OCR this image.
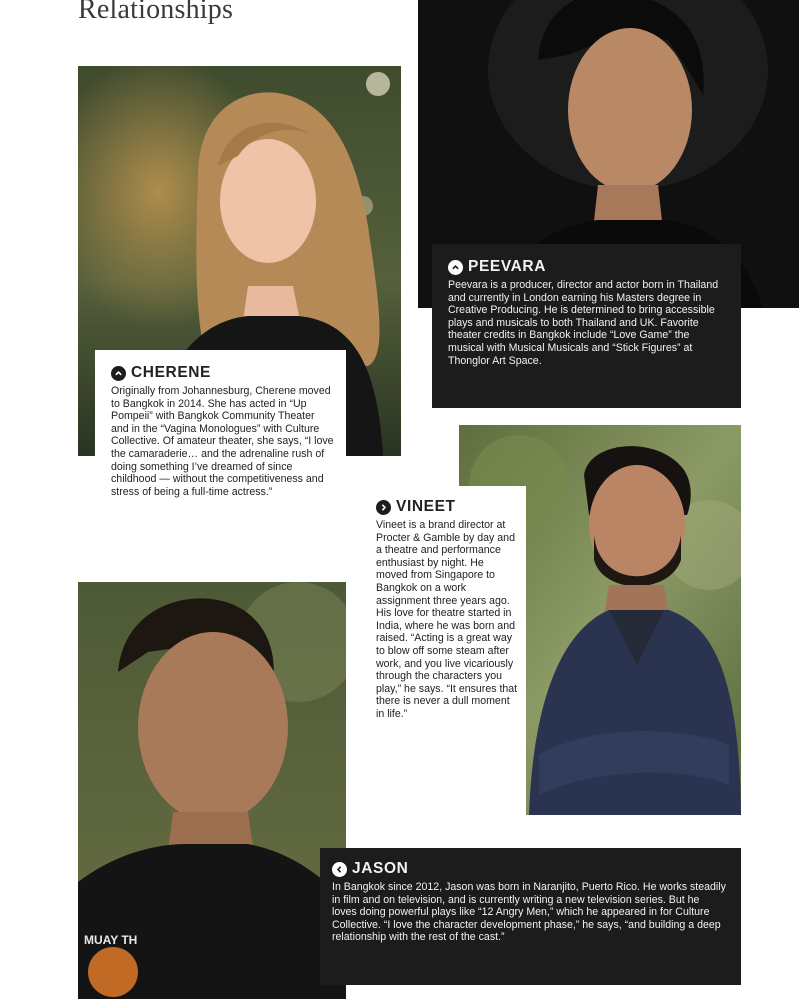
Relationships
MUAY TH
CHERENE

Originally from Johannesburg, Cherene moved to Bangkok in 2014. She has acted in “Up Pompeii” with Bangkok Community Theater and in the “Vagina Monologues” with Culture Collective. Of amateur theater, she says, “I love the camaraderie… and the adrenaline rush of doing something I’ve dreamed of since childhood — without the competitiveness and stress of being a full-time actress.”

PEEVARA

Peevara is a producer, director and actor born in Thailand and currently in London earning his Masters degree in Creative Producing. He is determined to bring accessible plays and musicals to both Thailand and UK. Favorite theater credits in Bangkok include “Love Game” the musical with Musical Musicals and “Stick Figures” at Thonglor Art Space.

VINEET

Vineet is a brand director at Procter & Gamble by day and a theatre and performance enthusiast by night. He moved from Singapore to Bangkok on a work assignment three years ago. His love for theatre started in India, where he was born and raised. “Acting is a great way to blow off some steam after work, and you live vicariously through the characters you play,” he says. “It ensures that there is never a dull moment in life.”

JASON

In Bangkok since 2012, Jason was born in Naranjito, Puerto Rico. He works steadily in film and on television, and is currently writing a new television series. But he loves doing powerful plays like “12 Angry Men,” which he appeared in for Culture Collective. “I love the character development phase,” he says, “and building a deep relationship with the rest of the cast.”
